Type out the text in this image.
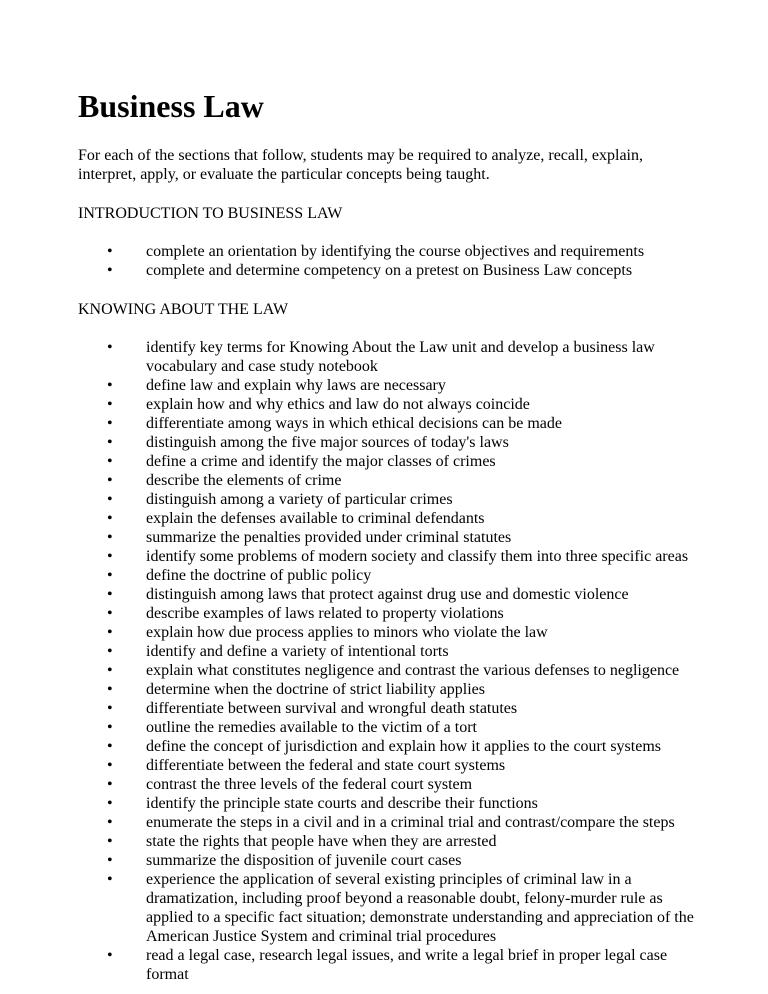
Business Law

For each of the sections that follow, students may be required to analyze, recall, explain, interpret, apply, or evaluate the particular concepts being taught.

INTRODUCTION TO BUSINESS LAW

• complete an orientation by identifying the course objectives and requirements
• complete and determine competency on a pretest on Business Law concepts

KNOWING ABOUT THE LAW

• identify key terms for Knowing About the Law unit and develop a business law vocabulary and case study notebook
• define law and explain why laws are necessary
• explain how and why ethics and law do not always coincide
• differentiate among ways in which ethical decisions can be made
• distinguish among the five major sources of today's laws
• define a crime and identify the major classes of crimes
• describe the elements of crime
• distinguish among a variety of particular crimes
• explain the defenses available to criminal defendants
• summarize the penalties provided under criminal statutes
• identify some problems of modern society and classify them into three specific areas
• define the doctrine of public policy
• distinguish among laws that protect against drug use and domestic violence
• describe examples of laws related to property violations
• explain how due process applies to minors who violate the law
• identify and define a variety of intentional torts
• explain what constitutes negligence and contrast the various defenses to negligence
• determine when the doctrine of strict liability applies
• differentiate between survival and wrongful death statutes
• outline the remedies available to the victim of a tort
• define the concept of jurisdiction and explain how it applies to the court systems
• differentiate between the federal and state court systems
• contrast the three levels of the federal court system
• identify the principle state courts and describe their functions
• enumerate the steps in a civil and in a criminal trial and contrast/compare the steps
• state the rights that people have when they are arrested
• summarize the disposition of juvenile court cases
• experience the application of several existing principles of criminal law in a dramatization, including proof beyond a reasonable doubt, felony-murder rule as applied to a specific fact situation; demonstrate understanding and appreciation of the American Justice System and criminal trial procedures
• read a legal case, research legal issues, and write a legal brief in proper legal case format
